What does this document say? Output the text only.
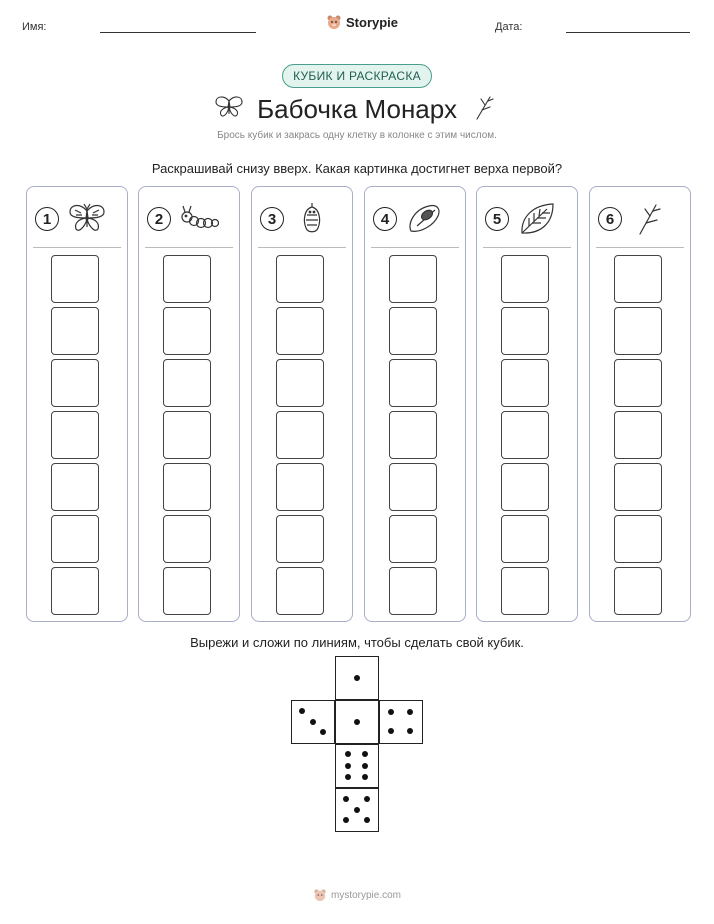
Имя:	Storypie	Дата:
КУБИК И РАСКРАСКА
Бабочка Монарх
Брось кубик и закрась одну клетку в колонке с этим числом.
Раскрашивай снизу вверх. Какая картинка достигнет верха первой?
1	2	3	4	5	6
Вырежи и сложи по линиям, чтобы сделать свой кубик.
mystorypie.com
